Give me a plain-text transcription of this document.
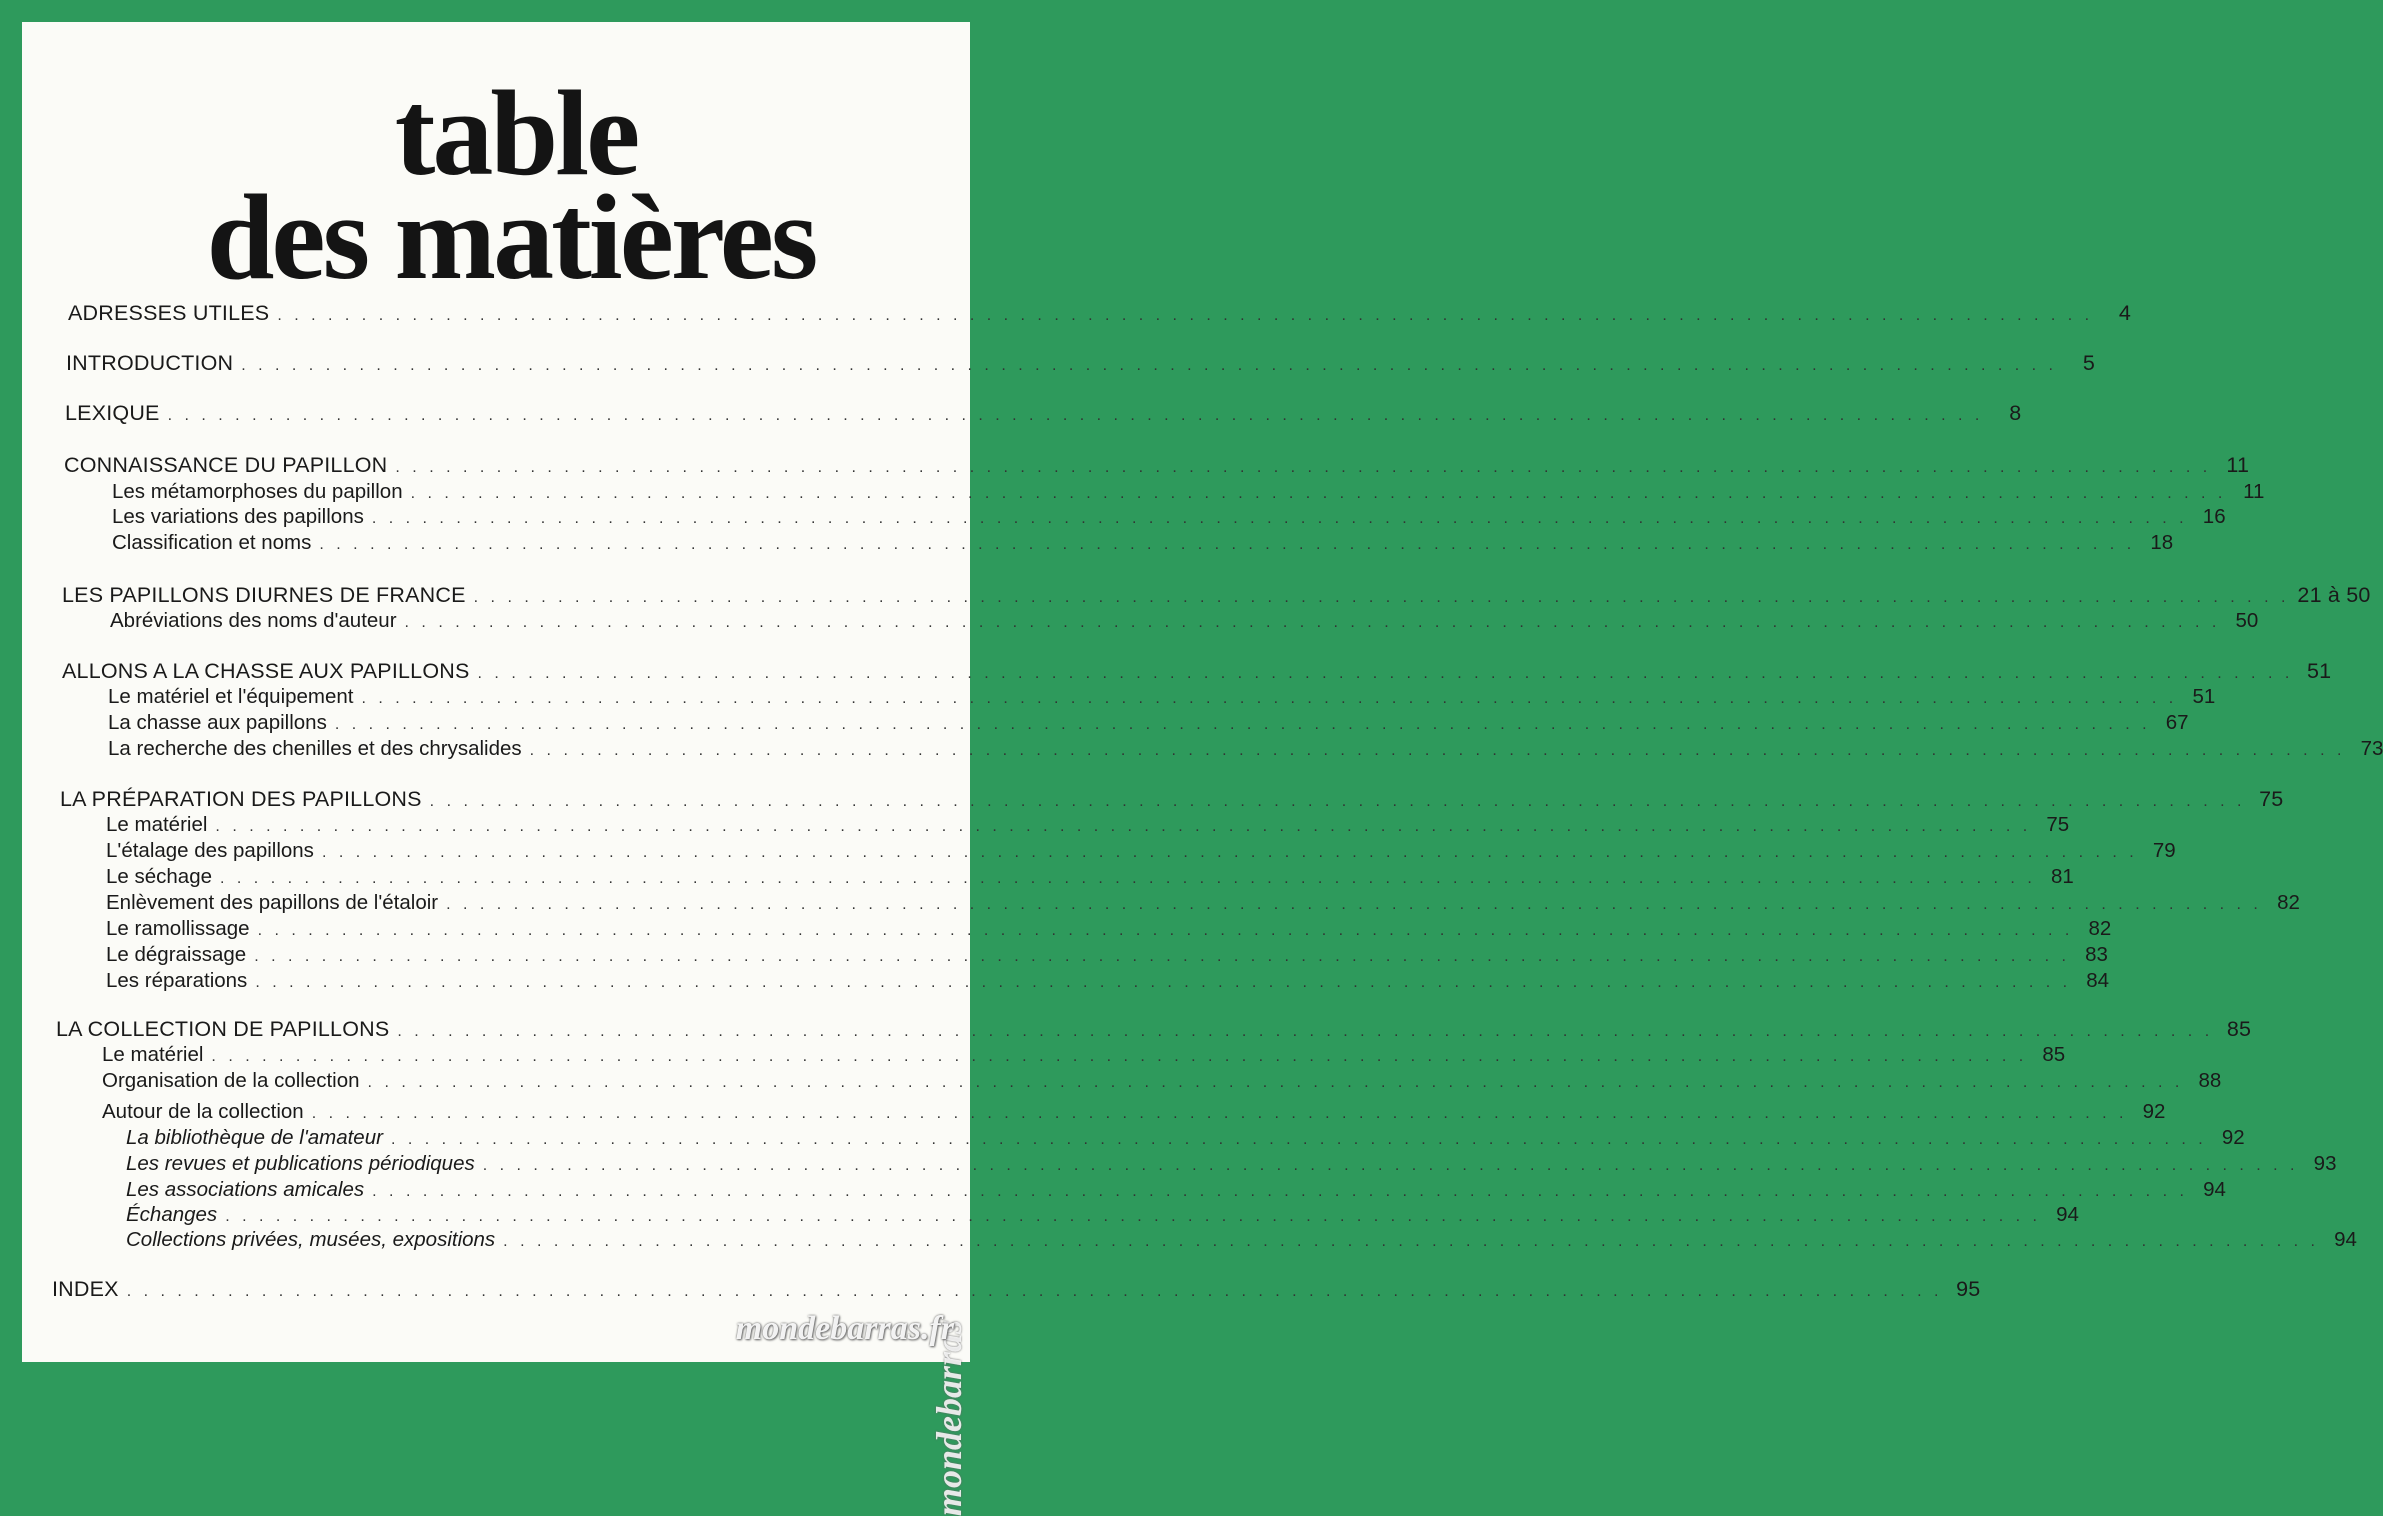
table
des matières
ADRESSES UTILES . . .	4
INTRODUCTION . . .	5
LEXIQUE . . .	8
CONNAISSANCE DU PAPILLON . . .	11
Les métamorphoses du papillon . . .	11
Les variations des papillons . . .	16
Classification et noms . . .	18
LES PAPILLONS DIURNES DE FRANCE . . .	21 à 50
Abréviations des noms d'auteur . . .	50
ALLONS A LA CHASSE AUX PAPILLONS . . .	51
Le matériel et l'équipement . . .	51
La chasse aux papillons . . .	67
La recherche des chenilles et des chrysalides . . .	73
LA PRÉPARATION DES PAPILLONS . . .	75
Le matériel . . .	75
L'étalage des papillons . . .	79
Le séchage . . .	81
Enlèvement des papillons de l'étaloir . . .	82
Le ramollissage . . .	82
Le dégraissage . . .	83
Les réparations . . .	84
LA COLLECTION DE PAPILLONS . . .	85
Le matériel . . .	85
Organisation de la collection . . .	88
Autour de la collection . . .	92
La bibliothèque de l'amateur . . .	92
Les revues et publications périodiques . . .	93
Les associations amicales . . .	94
Échanges . . .	94
Collections privées, musées, expositions . . .	94
INDEX . . .	95
mondebarras
mondebarras.fr
